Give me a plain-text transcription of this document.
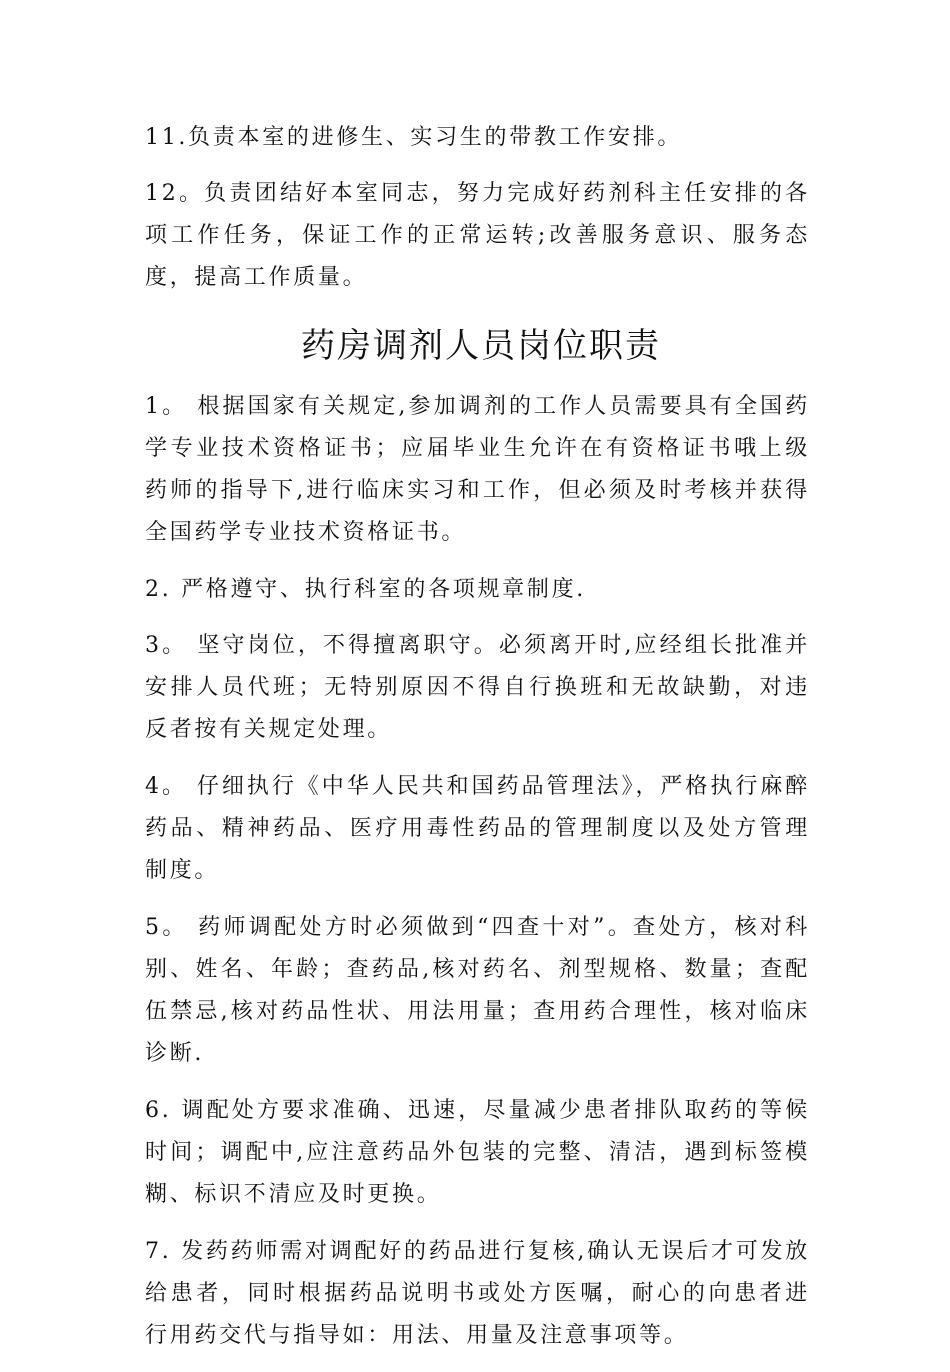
11.负责本室的进修生、实习生的带教工作安排。

12。负责团结好本室同志，努力完成好药剂科主任安排的各项工作任务，保证工作的正常运转;改善服务意识、服务态度，提高工作质量。

药房调剂人员岗位职责

1。 根据国家有关规定,参加调剂的工作人员需要具有全国药学专业技术资格证书；应届毕业生允许在有资格证书哦上级药师的指导下,进行临床实习和工作，但必须及时考核并获得全国药学专业技术资格证书。

2. 严格遵守、执行科室的各项规章制度.

3。 坚守岗位，不得擅离职守。必须离开时,应经组长批准并安排人员代班；无特别原因不得自行换班和无故缺勤，对违反者按有关规定处理。

4。 仔细执行《中华人民共和国药品管理法》，严格执行麻醉药品、精神药品、医疗用毒性药品的管理制度以及处方管理制度。

5。 药师调配处方时必须做到“四查十对”。查处方，核对科别、姓名、年龄；查药品,核对药名、剂型规格、数量；查配伍禁忌,核对药品性状、用法用量；查用药合理性，核对临床诊断.

6. 调配处方要求准确、迅速，尽量减少患者排队取药的等候时间；调配中,应注意药品外包装的完整、清洁，遇到标签模糊、标识不清应及时更换。

7. 发药药师需对调配好的药品进行复核,确认无误后才可发放给患者，同时根据药品说明书或处方医嘱，耐心的向患者进行用药交代与指导如：用法、用量及注意事项等。
